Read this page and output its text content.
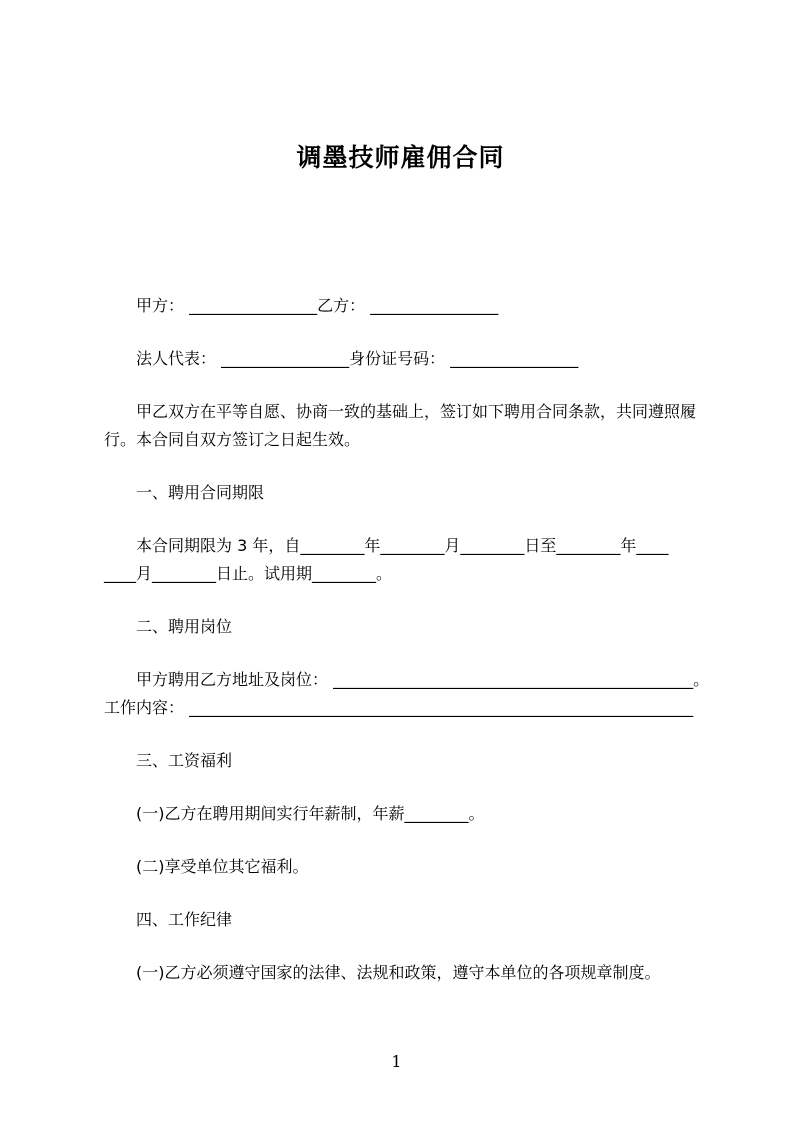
调墨技师雇佣合同
甲方： ________________乙方： ________________
法人代表： ________________身份证号码： ________________
甲乙双方在平等自愿、协商一致的基础上，签订如下聘用合同条款，共同遵照履
行。本合同自双方签订之日起生效。
一、聘用合同期限
本合同期限为 3 年，自________年________月________日至________年____
____月________日止。试用期________。
二、聘用岗位
甲方聘用乙方地址及岗位： _____________________________________________。
工作内容： _______________________________________________________________
三、工资福利
(一)乙方在聘用期间实行年薪制，年薪________。
(二)享受单位其它福利。
四、工作纪律
(一)乙方必须遵守国家的法律、法规和政策，遵守本单位的各项规章制度。
1
